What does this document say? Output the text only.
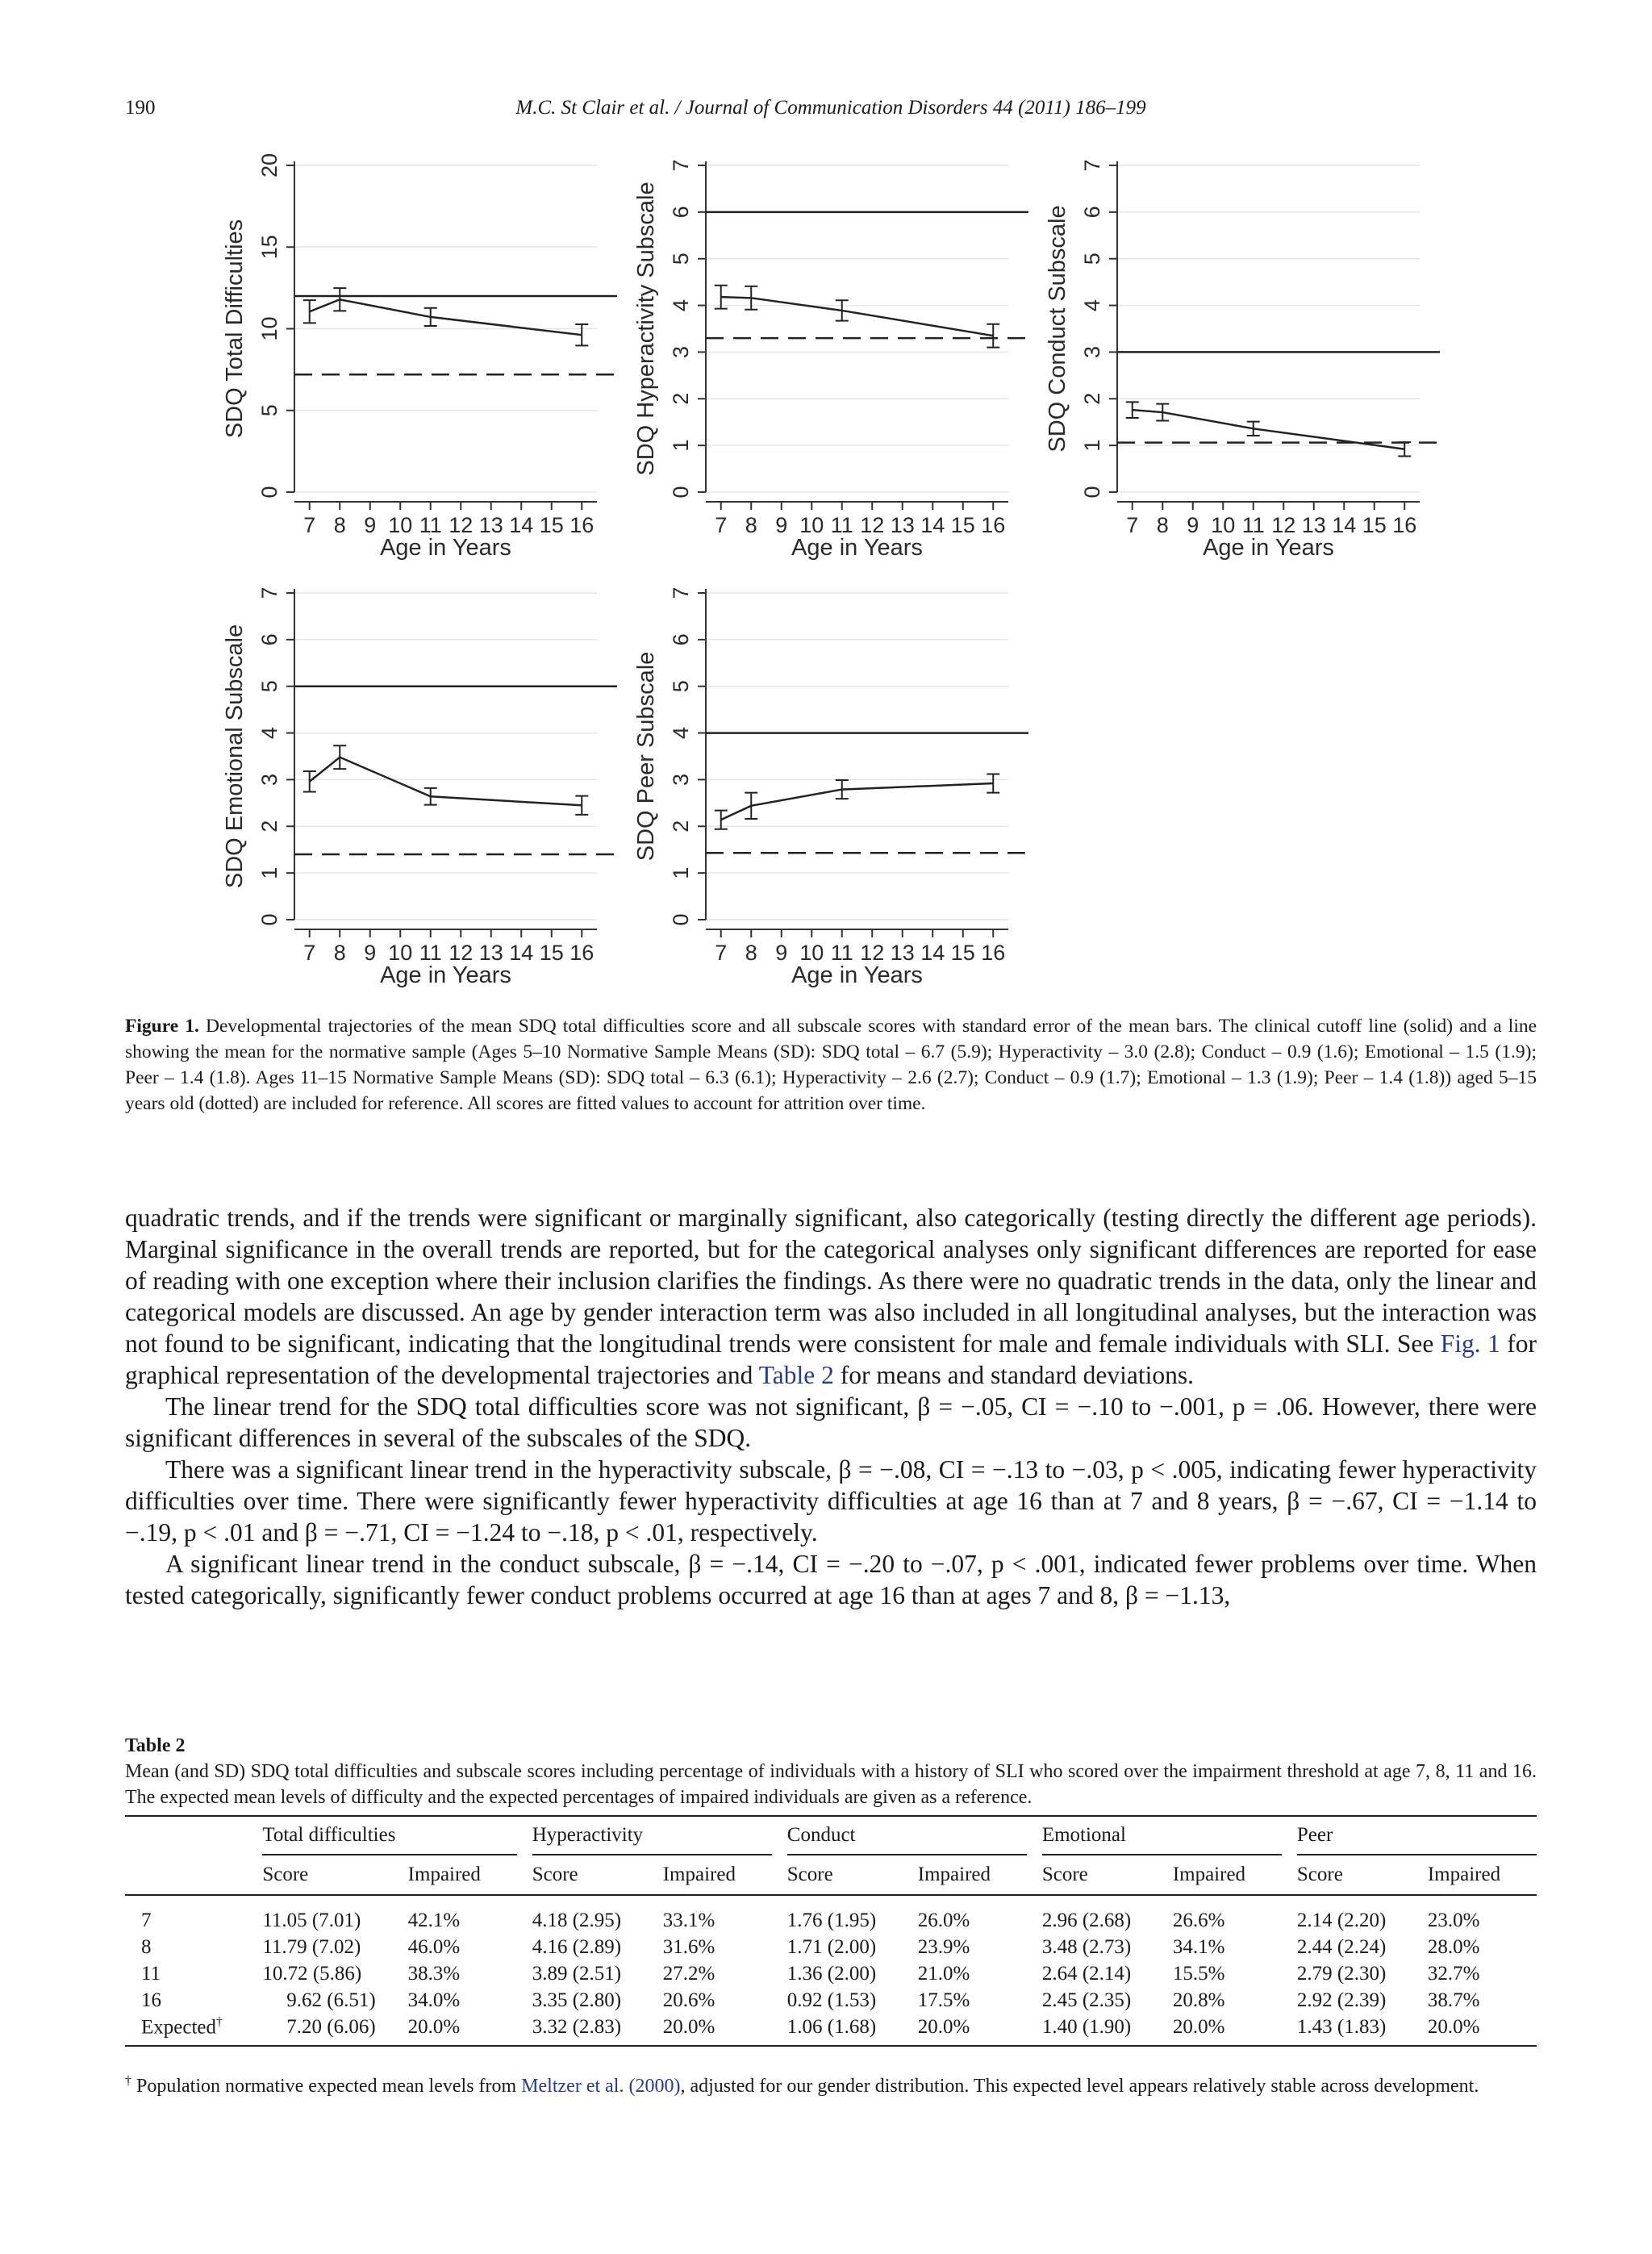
190	M.C. St Clair et al. / Journal of Communication Disorders 44 (2011) 186–199
0
5
10
15
20
7 8 9 10 11 12 13 14 15 16
Age in Years
SDQ Total Difficulties
0
1
2
3
4
5
6
7
7 8 9 10 11 12 13 14 15 16
Age in Years
SDQ Hyperactivity Subscale
0
1
2
3
4
5
6
7
7 8 9 10 11 12 13 14 15 16
Age in Years
SDQ Conduct Subscale
0
1
2
3
4
5
6
7
7 8 9 10 11 12 13 14 15 16
Age in Years
SDQ Emotional Subscale
0
1
2
3
4
5
6
7
7 8 9 10 11 12 13 14 15 16
Age in Years
SDQ Peer Subscale
Figure 1. Developmental trajectories of the mean SDQ total difficulties score and all subscale scores with standard error of the mean bars. The clinical cutoff line (solid) and a line showing the mean for the normative sample (Ages 5–10 Normative Sample Means (SD): SDQ total – 6.7 (5.9); Hyperactivity – 3.0 (2.8); Conduct – 0.9 (1.6); Emotional – 1.5 (1.9); Peer – 1.4 (1.8). Ages 11–15 Normative Sample Means (SD): SDQ total – 6.3 (6.1); Hyperactivity – 2.6 (2.7); Conduct – 0.9 (1.7); Emotional – 1.3 (1.9); Peer – 1.4 (1.8)) aged 5–15 years old (dotted) are included for reference. All scores are fitted values to account for attrition over time.

quadratic trends, and if the trends were significant or marginally significant, also categorically (testing directly the different age periods). Marginal significance in the overall trends are reported, but for the categorical analyses only significant differences are reported for ease of reading with one exception where their inclusion clarifies the findings. As there were no quadratic trends in the data, only the linear and categorical models are discussed. An age by gender interaction term was also included in all longitudinal analyses, but the interaction was not found to be significant, indicating that the longitudinal trends were consistent for male and female individuals with SLI. See Fig. 1 for graphical representation of the developmental trajectories and Table 2 for means and standard deviations.

The linear trend for the SDQ total difficulties score was not significant, β = −.05, CI = −.10 to −.001, p = .06. However, there were significant differences in several of the subscales of the SDQ.

There was a significant linear trend in the hyperactivity subscale, β = −.08, CI = −.13 to −.03, p < .005, indicating fewer hyperactivity difficulties over time. There were significantly fewer hyperactivity difficulties at age 16 than at 7 and 8 years, β = −.67, CI = −1.14 to −.19, p < .01 and β = −.71, CI = −1.24 to −.18, p < .01, respectively.

A significant linear trend in the conduct subscale, β = −.14, CI = −.20 to −.07, p < .001, indicated fewer problems over time. When tested categorically, significantly fewer conduct problems occurred at age 16 than at ages 7 and 8, β = −1.13,

Table 2
Mean (and SD) SDQ total difficulties and subscale scores including percentage of individuals with a history of SLI who scored over the impairment threshold at age 7, 8, 11 and 16. The expected mean levels of difficulty and the expected percentages of impaired individuals are given as a reference.
	Total difficulties			Hyperactivity			Conduct			Emotional			Peer	
	Score	Impaired		Score	Impaired		Score	Impaired		Score	Impaired		Score	Impaired
7	11.05 (7.01)	42.1%		4.18 (2.95)	33.1%		1.76 (1.95)	26.0%		2.96 (2.68)	26.6%		2.14 (2.20)	23.0%
8	11.79 (7.02)	46.0%		4.16 (2.89)	31.6%		1.71 (2.00)	23.9%		3.48 (2.73)	34.1%		2.44 (2.24)	28.0%
11	10.72 (5.86)	38.3%		3.89 (2.51)	27.2%		1.36 (2.00)	21.0%		2.64 (2.14)	15.5%		2.79 (2.30)	32.7%
16	9.62 (6.51)	34.0%		3.35 (2.80)	20.6%		0.92 (1.53)	17.5%		2.45 (2.35)	20.8%		2.92 (2.39)	38.7%
Expected†	7.20 (6.06)	20.0%		3.32 (2.83)	20.0%		1.06 (1.68)	20.0%		1.40 (1.90)	20.0%		1.43 (1.83)	20.0%
† Population normative expected mean levels from Meltzer et al. (2000), adjusted for our gender distribution. This expected level appears relatively stable across development.
